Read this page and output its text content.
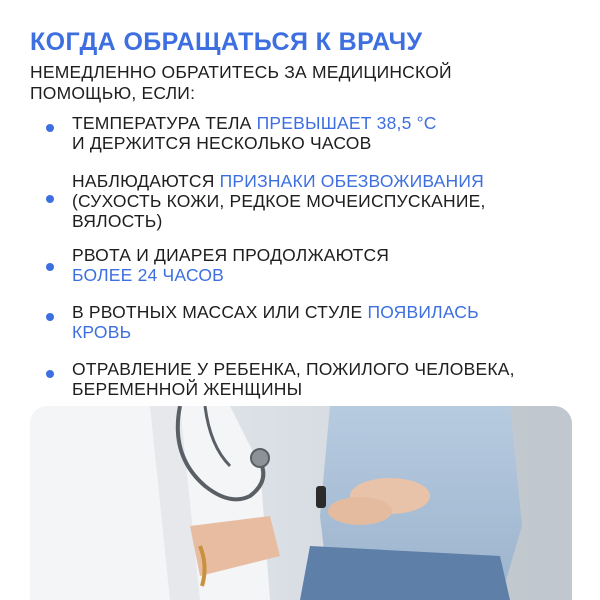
КОГДА ОБРАЩАТЬСЯ К ВРАЧУ
НЕМЕДЛЕННО ОБРАТИТЕСЬ ЗА МЕДИЦИНСКОЙ
ПОМОЩЬЮ, ЕСЛИ:
ТЕМПЕРАТУРА ТЕЛА ПРЕВЫШАЕТ 38,5 °С
И ДЕРЖИТСЯ НЕСКОЛЬКО ЧАСОВ
НАБЛЮДАЮТСЯ ПРИЗНАКИ ОБЕЗВОЖИВАНИЯ
(СУХОСТЬ КОЖИ, РЕДКОЕ МОЧЕИСПУСКАНИЕ,
ВЯЛОСТЬ)
РВОТА И ДИАРЕЯ ПРОДОЛЖАЮТСЯ
БОЛЕЕ 24 ЧАСОВ
В РВОТНЫХ МАССАХ ИЛИ СТУЛЕ ПОЯВИЛАСЬ
КРОВЬ
ОТРАВЛЕНИЕ У РЕБЕНКА, ПОЖИЛОГО ЧЕЛОВЕКА,
БЕРЕМЕННОЙ ЖЕНЩИНЫ
